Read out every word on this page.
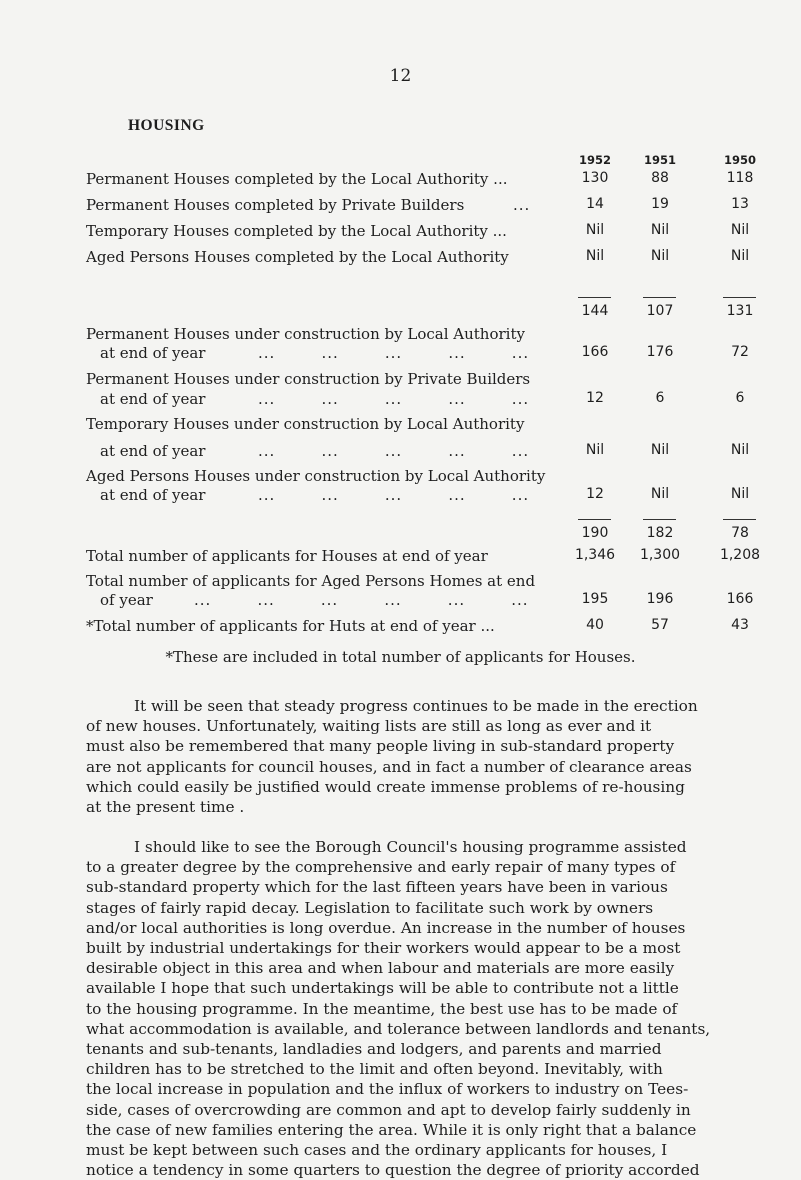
12
HOUSING
1952	1951	1950
Permanent Houses completed by the Local Authority ...	130	88	118
Permanent Houses completed by Private Builders	...	14	19	13
Temporary Houses completed by the Local Authority ...	Nil	Nil	Nil
Aged Persons Houses completed by the Local Authority	Nil	Nil	Nil
144	107	131
Permanent Houses under construction by Local Authority
at end of year	...        ...        ...        ...        ...	166	176	72
Permanent Houses under construction by Private Builders
at end of year	...        ...        ...        ...        ...	12	6	6
Temporary Houses under construction by Local Authority
at end of year	...        ...        ...        ...        ...	Nil	Nil	Nil
Aged Persons Houses under construction by Local Authority
at end of year	...        ...        ...        ...        ...	12	Nil	Nil
190	182	78
Total number of applicants for Houses at end of year	1,346	1,300	1,208
Total number of applicants for Aged Persons Homes at end
of year	...        ...        ...        ...        ...        ...	195	196	166
*Total number of applicants for Huts at end of year ...	40	57	43
*These are included in total number of applicants for Houses.

It will be seen that steady progress continues to be made in the erection

of new houses. Unfortunately, waiting lists are still as long as ever and it

must also be remembered that many people living in sub-standard property

are not applicants for council houses, and in fact a number of clearance areas

which could easily be justified would create immense problems of re-housing

at the present time .

I should like to see the Borough Council's housing programme assisted

to a greater degree by the comprehensive and early repair of many types of

sub-standard property which for the last fifteen years have been in various

stages of fairly rapid decay. Legislation to facilitate such work by owners

and/or local authorities is long overdue. An increase in the number of houses

built by industrial undertakings for their workers would appear to be a most

desirable object in this area and when labour and materials are more easily

available I hope that such undertakings will be able to contribute not a little

to the housing programme. In the meantime, the best use has to be made of

what accommodation is available, and tolerance between landlords and tenants,

tenants and sub-tenants, landladies and lodgers, and parents and married

children has to be stretched to the limit and often beyond. Inevitably, with

the local increase in population and the influx of workers to industry on Tees-

side, cases of overcrowding are common and apt to develop fairly suddenly in

the case of new families entering the area. While it is only right that a balance

must be kept between such cases and the ordinary applicants for houses, I

notice a tendency in some quarters to question the degree of priority accorded
